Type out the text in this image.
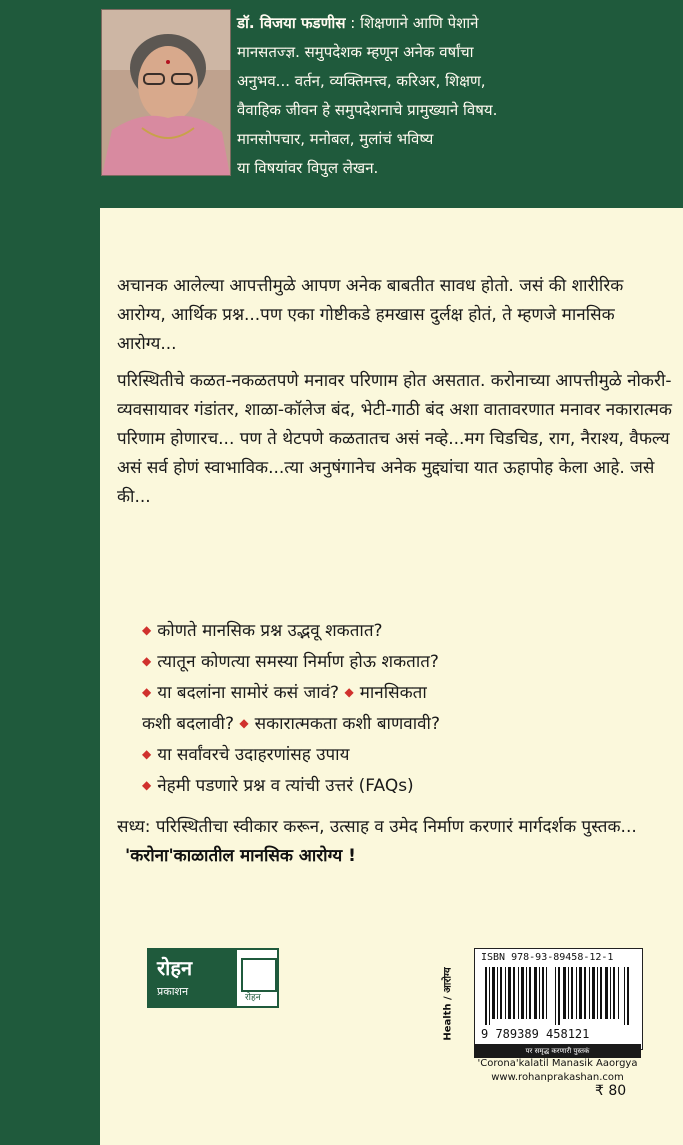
डॉ. विजया फडणीस : शिक्षणाने आणि पेशाने
मानसतज्ज्ञ. समुपदेशक म्हणून अनेक वर्षांचा
अनुभव... वर्तन, व्यक्तिमत्त्व, करिअर, शिक्षण,
वैवाहिक जीवन हे समुपदेशनाचे प्रामुख्याने विषय.
मानसोपचार, मनोबल, मुलांचं भविष्य
या विषयांवर विपुल लेखन.

अचानक आलेल्या आपत्तीमुळे आपण अनेक बाबतीत सावध होतो. जसं की शारीरिक आरोग्य, आर्थिक प्रश्न...पण एका गोष्टीकडे हमखास दुर्लक्ष होतं, ते म्हणजे मानसिक आरोग्य...

परिस्थितीचे कळत-नकळतपणे मनावर परिणाम होत असतात. करोनाच्या आपत्तीमुळे नोकरी-व्यवसायावर गंडांतर, शाळा-कॉलेज बंद, भेटी-गाठी बंद अशा वातावरणात मनावर नकारात्मक परिणाम होणारच... पण ते थेटपणे कळतातच असं नव्हे...मग चिडचिड, राग, नैराश्य, वैफल्य असं सर्व होणं स्वाभाविक...त्या अनुषंगानेच अनेक मुद्द्यांचा यात ऊहापोह केला आहे. जसे की...

◆ कोणते मानसिक प्रश्न उद्भवू शकतात?

◆ त्यातून कोणत्या समस्या निर्माण होऊ शकतात?

◆ या बदलांना सामोरं कसं जावं? ◆ मानसिकता

कशी बदलावी? ◆ सकारात्मकता कशी बाणवावी?

◆ या सर्वांवरचे उदाहरणांसह उपाय

◆ नेहमी पडणारे प्रश्न व त्यांची उत्तरं (FAQs)

सध्य: परिस्थितीचा स्वीकार करून, उत्साह व उमेद निर्माण करणारं मार्गदर्शक पुस्तक...
'करोना'काळातील मानसिक आरोग्य !
रोहन
प्रकाशन	रोहन	Health / आरोग्य
ISBN 978-93-89458-12-1
9 789389 458121
पर समृद्ध करणारी पुस्तकं
'Corona'kalatil Manasik Aaorgya
www.rohanprakashan.com
₹ 80
